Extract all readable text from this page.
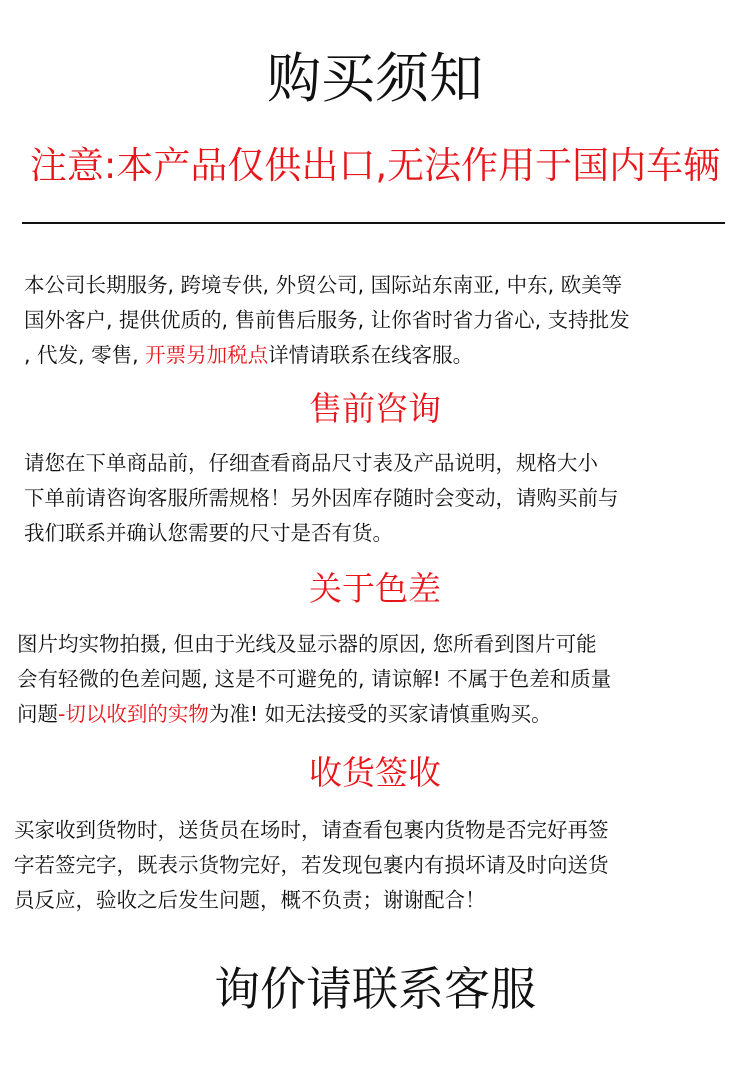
购买须知
注意:本产品仅供出口,无法作用于国内车辆
本公司长期服务, 跨境专供, 外贸公司, 国际站东南亚, 中东, 欧美等
国外客户, 提供优质的, 售前售后服务, 让你省时省力省心, 支持批发
, 代发, 零售, 开票另加税点详情请联系在线客服。
售前咨询
请您在下单商品前，仔细查看商品尺寸表及产品说明，规格大小
下单前请咨询客服所需规格！另外因库存随时会变动，请购买前与
我们联系并确认您需要的尺寸是否有货。
关于色差
图片均实物拍摄, 但由于光线及显示器的原因, 您所看到图片可能
会有轻微的色差问题, 这是不可避免的, 请谅解! 不属于色差和质量
问题-切以收到的实物为准! 如无法接受的买家请慎重购买。
收货签收
买家收到货物时，送货员在场时，请查看包裹内货物是否完好再签
字若签完字，既表示货物完好，若发现包裹内有损坏请及时向送货
员反应，验收之后发生问题，概不负责；谢谢配合！
询价请联系客服
